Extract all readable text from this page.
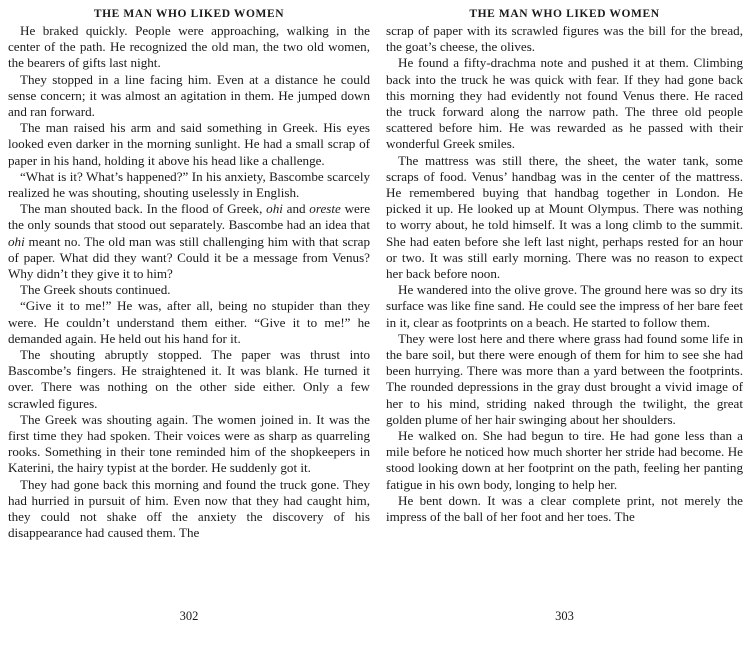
THE MAN WHO LIKED WOMEN

He braked quickly. People were approaching, walking in the center of the path. He recognized the old man, the two old women, the bearers of gifts last night.

They stopped in a line facing him. Even at a distance he could sense concern; it was almost an agitation in them. He jumped down and ran forward.

The man raised his arm and said something in Greek. His eyes looked even darker in the morning sunlight. He had a small scrap of paper in his hand, holding it above his head like a challenge.

“What is it? What’s happened?” In his anxiety, Bascombe scarcely realized he was shouting, shouting uselessly in English.

The man shouted back. In the flood of Greek, ohi and oreste were the only sounds that stood out separately. Bascombe had an idea that ohi meant no. The old man was still challenging him with that scrap of paper. What did they want? Could it be a message from Venus? Why didn’t they give it to him?

The Greek shouts continued.

“Give it to me!” He was, after all, being no stupider than they were. He couldn’t understand them either. “Give it to me!” he demanded again. He held out his hand for it.

The shouting abruptly stopped. The paper was thrust into Bascombe’s fingers. He straightened it. It was blank. He turned it over. There was nothing on the other side either. Only a few scrawled figures.

The Greek was shouting again. The women joined in. It was the first time they had spoken. Their voices were as sharp as quarreling rooks. Something in their tone reminded him of the shopkeepers in Katerini, the hairy typist at the border. He suddenly got it.

They had gone back this morning and found the truck gone. They had hurried in pursuit of him. Even now that they had caught him, they could not shake off the anxiety the discovery of his disappearance had caused them. The

302
THE MAN WHO LIKED WOMEN

scrap of paper with its scrawled figures was the bill for the bread, the goat’s cheese, the olives.

He found a fifty-drachma note and pushed it at them. Climbing back into the truck he was quick with fear. If they had gone back this morning they had evidently not found Venus there. He raced the truck forward along the narrow path. The three old people scattered before him. He was rewarded as he passed with their wonderful Greek smiles.

The mattress was still there, the sheet, the water tank, some scraps of food. Venus’ handbag was in the center of the mattress. He remembered buying that handbag together in London. He picked it up. He looked up at Mount Olympus. There was nothing to worry about, he told himself. It was a long climb to the summit. She had eaten before she left last night, perhaps rested for an hour or two. It was still early morning. There was no reason to expect her back before noon.

He wandered into the olive grove. The ground here was so dry its surface was like fine sand. He could see the impress of her bare feet in it, clear as footprints on a beach. He started to follow them.

They were lost here and there where grass had found some life in the bare soil, but there were enough of them for him to see she had been hurrying. There was more than a yard between the footprints. The rounded depressions in the gray dust brought a vivid image of her to his mind, striding naked through the twilight, the great golden plume of her hair swinging about her shoulders.

He walked on. She had begun to tire. He had gone less than a mile before he noticed how much shorter her stride had become. He stood looking down at her footprint on the path, feeling her panting fatigue in his own body, longing to help her.

He bent down. It was a clear complete print, not merely the impress of the ball of her foot and her toes. The

303
